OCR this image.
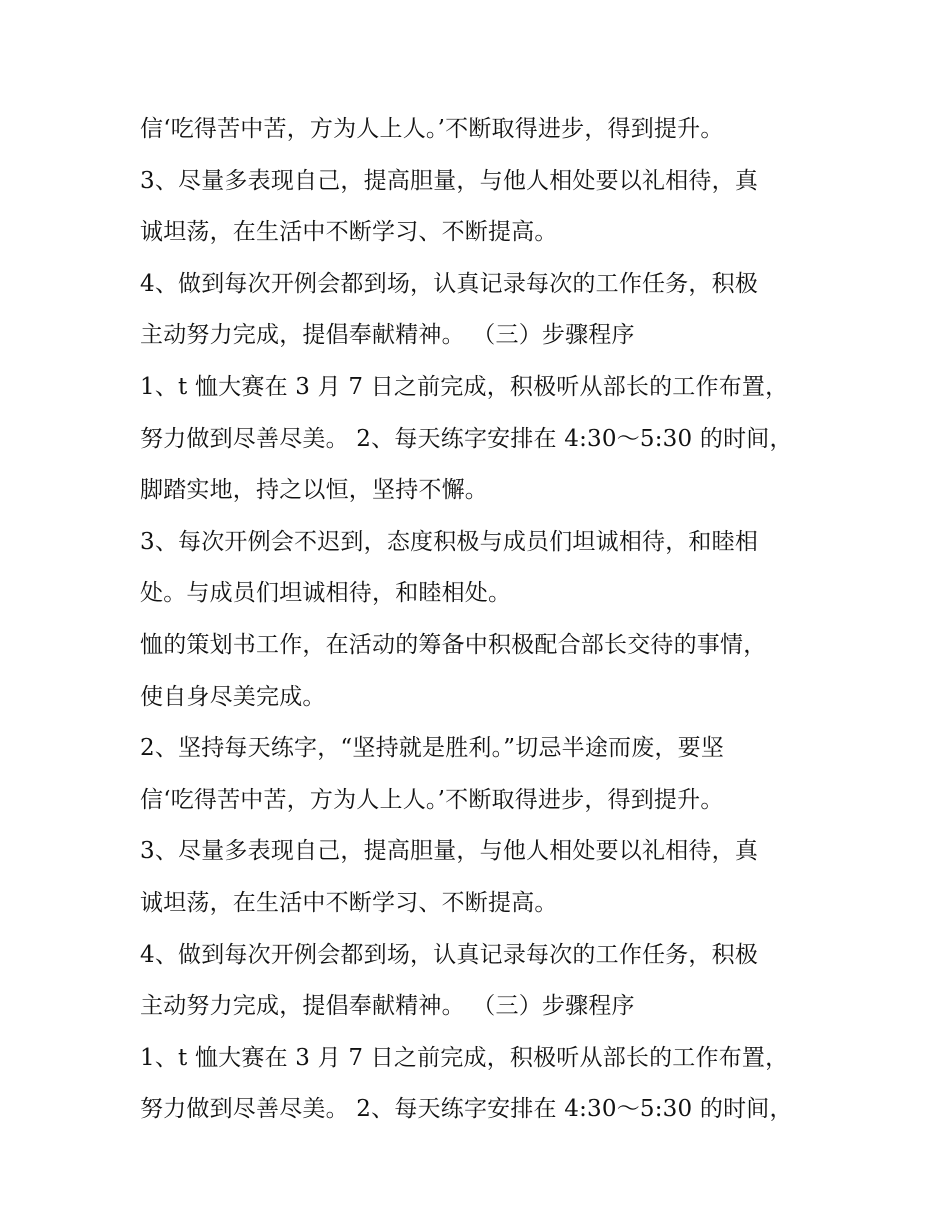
信‘吃得苦中苦，方为人上人。’不断取得进步，得到提升。
3、尽量多表现自己，提高胆量，与他人相处要以礼相待，真
诚坦荡，在生活中不断学习、不断提高。
4、做到每次开例会都到场，认真记录每次的工作任务，积极
主动努力完成，提倡奉献精神。 （三）步骤程序
1、t 恤大赛在 3 月 7 日之前完成，积极听从部长的工作布置，
努力做到尽善尽美。 2、每天练字安排在 4:30～5:30 的时间，
脚踏实地，持之以恒，坚持不懈。
3、每次开例会不迟到，态度积极与成员们坦诚相待，和睦相
处。与成员们坦诚相待，和睦相处。
恤的策划书工作，在活动的筹备中积极配合部长交待的事情，
使自身尽美完成。
2、坚持每天练字，“坚持就是胜利。”切忌半途而废，要坚
信‘吃得苦中苦，方为人上人。’不断取得进步，得到提升。
3、尽量多表现自己，提高胆量，与他人相处要以礼相待，真
诚坦荡，在生活中不断学习、不断提高。
4、做到每次开例会都到场，认真记录每次的工作任务，积极
主动努力完成，提倡奉献精神。 （三）步骤程序
1、t 恤大赛在 3 月 7 日之前完成，积极听从部长的工作布置，
努力做到尽善尽美。 2、每天练字安排在 4:30～5:30 的时间，
